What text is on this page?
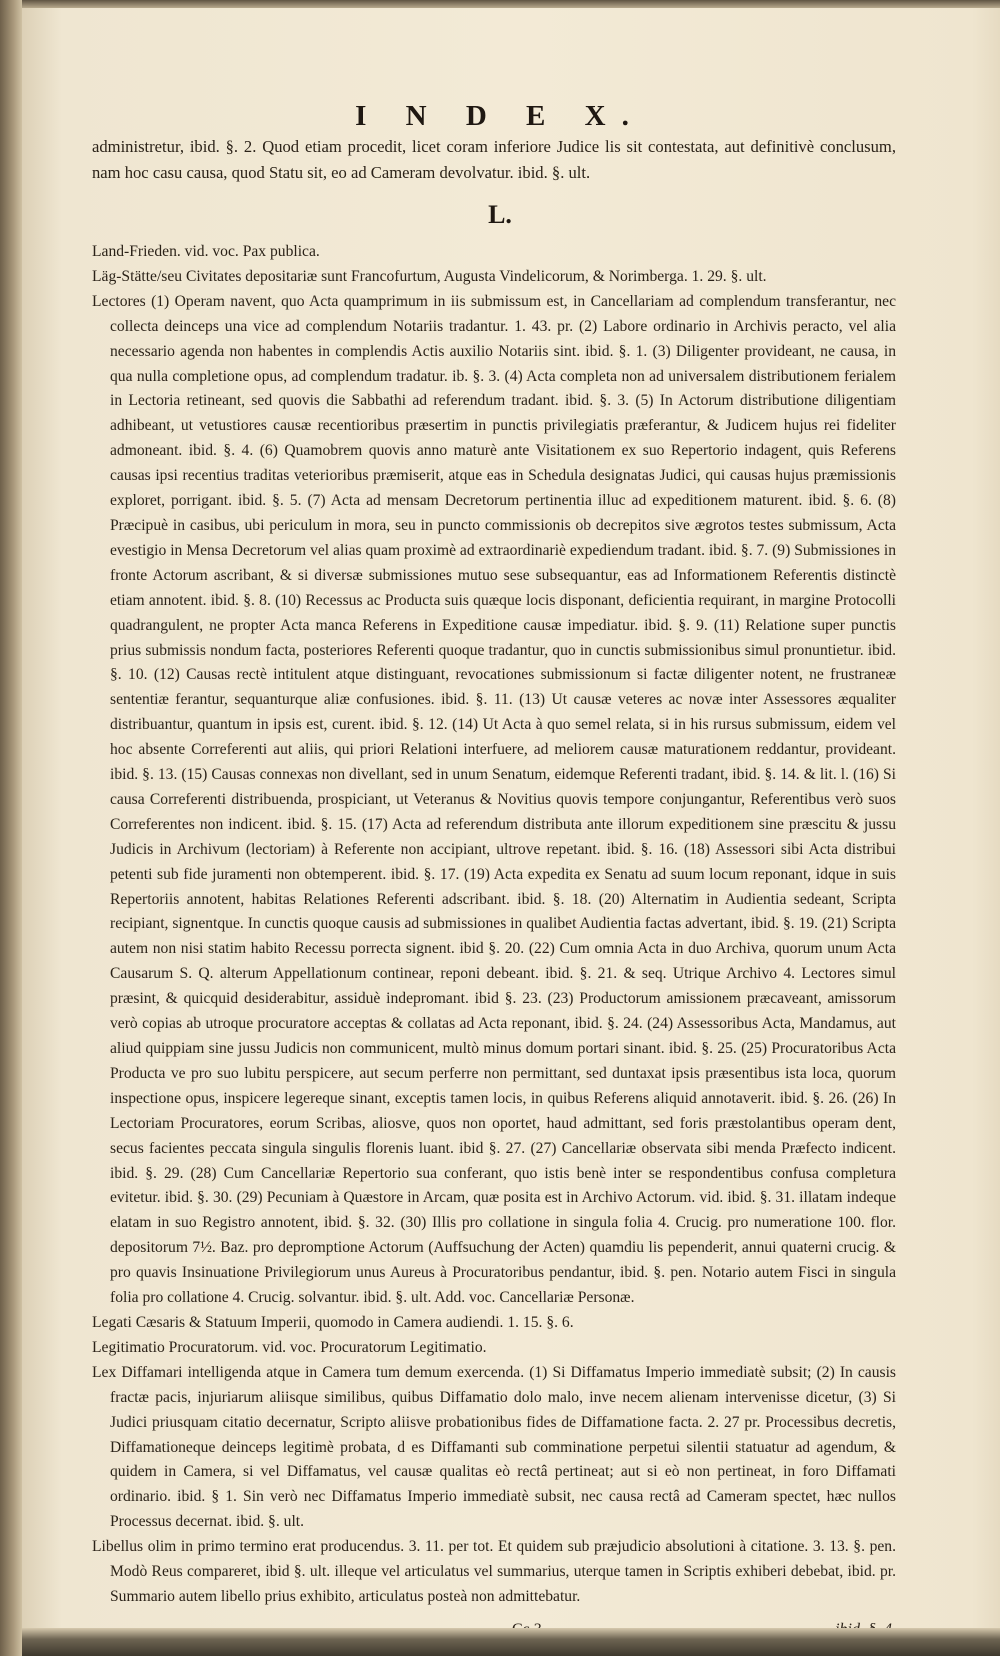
I N D E X.
administretur, ibid. §. 2. Quod etiam procedit, licet coram inferiore Judice lis sit contestata, aut definitivè conclusum, nam hoc casu causa, quod Statu sit, eo ad Cameram devolvatur. ibid. §. ult.
L.

Land-Frieden. vid. voc. Pax publica.

Läg-Stätte/seu Civitates depositariæ sunt Francofurtum, Augusta Vindelicorum, & Norimberga. 1. 29. §. ult.

Lectores (1) Operam navent, quo Acta quamprimum in iis submissum est, in Cancellariam ad complendum transferantur, nec collecta deinceps una vice ad complendum Notariis tradantur. 1. 43. pr. (2) Labore ordinario in Archivis peracto, vel alia necessario agenda non habentes in complendis Actis auxilio Notariis sint. ibid. §. 1. (3) Diligenter provideant, ne causa, in qua nulla completione opus, ad complendum tradatur. ib. §. 3. (4) Acta completa non ad universalem distributionem ferialem in Lectoria retineant, sed quovis die Sabbathi ad referendum tradant. ibid. §. 3. (5) In Actorum distributione diligentiam adhibeant, ut vetustiores causæ recentioribus præsertim in punctis privilegiatis præferantur, & Judicem hujus rei fideliter admoneant. ibid. §. 4. (6) Quamobrem quovis anno maturè ante Visitationem ex suo Repertorio indagent, quis Referens causas ipsi recentius traditas veterioribus præmiserit, atque eas in Schedula designatas Judici, qui causas hujus præmissionis exploret, porrigant. ibid. §. 5. (7) Acta ad mensam Decretorum pertinentia illuc ad expeditionem maturent. ibid. §. 6. (8) Præcipuè in casibus, ubi periculum in mora, seu in puncto commissionis ob decrepitos sive ægrotos testes submissum, Acta evestigio in Mensa Decretorum vel alias quam proximè ad extraordinariè expediendum tradant. ibid. §. 7. (9) Submissiones in fronte Actorum ascribant, & si diversæ submissiones mutuo sese subsequantur, eas ad Informationem Referentis distinctè etiam annotent. ibid. §. 8. (10) Recessus ac Producta suis quæque locis disponant, deficientia requirant, in margine Protocolli quadrangulent, ne propter Acta manca Referens in Expeditione causæ impediatur. ibid. §. 9. (11) Relatione super punctis prius submissis nondum facta, posteriores Referenti quoque tradantur, quo in cunctis submissionibus simul pronuntietur. ibid. §. 10. (12) Causas rectè intitulent atque distinguant, revocationes submissionum si factæ diligenter notent, ne frustraneæ sententiæ ferantur, sequanturque aliæ confusiones. ibid. §. 11. (13) Ut causæ veteres ac novæ inter Assessores æqualiter distribuantur, quantum in ipsis est, curent. ibid. §. 12. (14) Ut Acta à quo semel relata, si in his rursus submissum, eidem vel hoc absente Correferenti aut aliis, qui priori Relationi interfuere, ad meliorem causæ maturationem reddantur, provideant. ibid. §. 13. (15) Causas connexas non divellant, sed in unum Senatum, eidemque Referenti tradant, ibid. §. 14. & lit. l. (16) Si causa Correferenti distribuenda, prospiciant, ut Veteranus & Novitius quovis tempore conjungantur, Referentibus verò suos Correferentes non indicent. ibid. §. 15. (17) Acta ad referendum distributa ante illorum expeditionem sine præscitu & jussu Judicis in Archivum (lectoriam) à Referente non accipiant, ultrove repetant. ibid. §. 16. (18) Assessori sibi Acta distribui petenti sub fide juramenti non obtemperent. ibid. §. 17. (19) Acta expedita ex Senatu ad suum locum reponant, idque in suis Repertoriis annotent, habitas Relationes Referenti adscribant. ibid. §. 18. (20) Alternatim in Audientia sedeant, Scripta recipiant, signentque. In cunctis quoque causis ad submissiones in qualibet Audientia factas advertant, ibid. §. 19. (21) Scripta autem non nisi statim habito Recessu porrecta signent. ibid §. 20. (22) Cum omnia Acta in duo Archiva, quorum unum Acta Causarum S. Q. alterum Appellationum continear, reponi debeant. ibid. §. 21. & seq. Utrique Archivo 4. Lectores simul præsint, & quicquid desiderabitur, assiduè indepromant. ibid §. 23. (23) Productorum amissionem præcaveant, amissorum verò copias ab utroque procuratore acceptas & collatas ad Acta reponant, ibid. §. 24. (24) Assessoribus Acta, Mandamus, aut aliud quippiam sine jussu Judicis non communicent, multò minus domum portari sinant. ibid. §. 25. (25) Procuratoribus Acta Producta ve pro suo lubitu perspicere, aut secum perferre non permittant, sed duntaxat ipsis præsentibus ista loca, quorum inspectione opus, inspicere legereque sinant, exceptis tamen locis, in quibus Referens aliquid annotaverit. ibid. §. 26. (26) In Lectoriam Procuratores, eorum Scribas, aliosve, quos non oportet, haud admittant, sed foris præstolantibus operam dent, secus facientes peccata singula singulis florenis luant. ibid §. 27. (27) Cancellariæ observata sibi menda Præfecto indicent. ibid. §. 29. (28) Cum Cancellariæ Repertorio sua conferant, quo istis benè inter se respondentibus confusa completura evitetur. ibid. §. 30. (29) Pecuniam à Quæstore in Arcam, quæ posita est in Archivo Actorum. vid. ibid. §. 31. illatam indeque elatam in suo Registro annotent, ibid. §. 32. (30) Illis pro collatione in singula folia 4. Crucig. pro numeratione 100. flor. depositorum 7½. Baz. pro depromptione Actorum (Auffsuchung der Acten) quamdiu lis pependerit, annui quaterni crucig. & pro quavis Insinuatione Privilegiorum unus Aureus à Procuratoribus pendantur, ibid. §. pen. Notario autem Fisci in singula folia pro collatione 4. Crucig. solvantur. ibid. §. ult. Add. voc. Cancellariæ Personæ.

Legati Cæsaris & Statuum Imperii, quomodo in Camera audiendi. 1. 15. §. 6.

Legitimatio Procuratorum. vid. voc. Procuratorum Legitimatio.

Lex Diffamari intelligenda atque in Camera tum demum exercenda. (1) Si Diffamatus Imperio immediatè subsit; (2) In causis fractæ pacis, injuriarum aliisque similibus, quibus Diffamatio dolo malo, inve necem alienam intervenisse dicetur, (3) Si Judici priusquam citatio decernatur, Scripto aliisve probationibus fides de Diffamatione facta. 2. 27 pr. Processibus decretis, Diffamationeque deinceps legitimè probata, d es Diffamanti sub comminatione perpetui silentii statuatur ad agendum, & quidem in Camera, si vel Diffamatus, vel causæ qualitas eò rectâ pertineat; aut si eò non pertineat, in foro Diffamati ordinario. ibid. § 1. Sin verò nec Diffamatus Imperio immediatè subsit, nec causa rectâ ad Cameram spectet, hæc nullos Processus decernat. ibid. §. ult.

Libellus olim in primo termino erat producendus. 3. 11. per tot. Et quidem sub præjudicio absolutioni à citatione. 3. 13. §. pen. Modò Reus compareret, ibid §. ult. illeque vel articulatus vel summarius, uterque tamen in Scriptis exhiberi debebat, ibid. pr. Summario autem libello prius exhibito, articulatus posteà non admittebatur.
